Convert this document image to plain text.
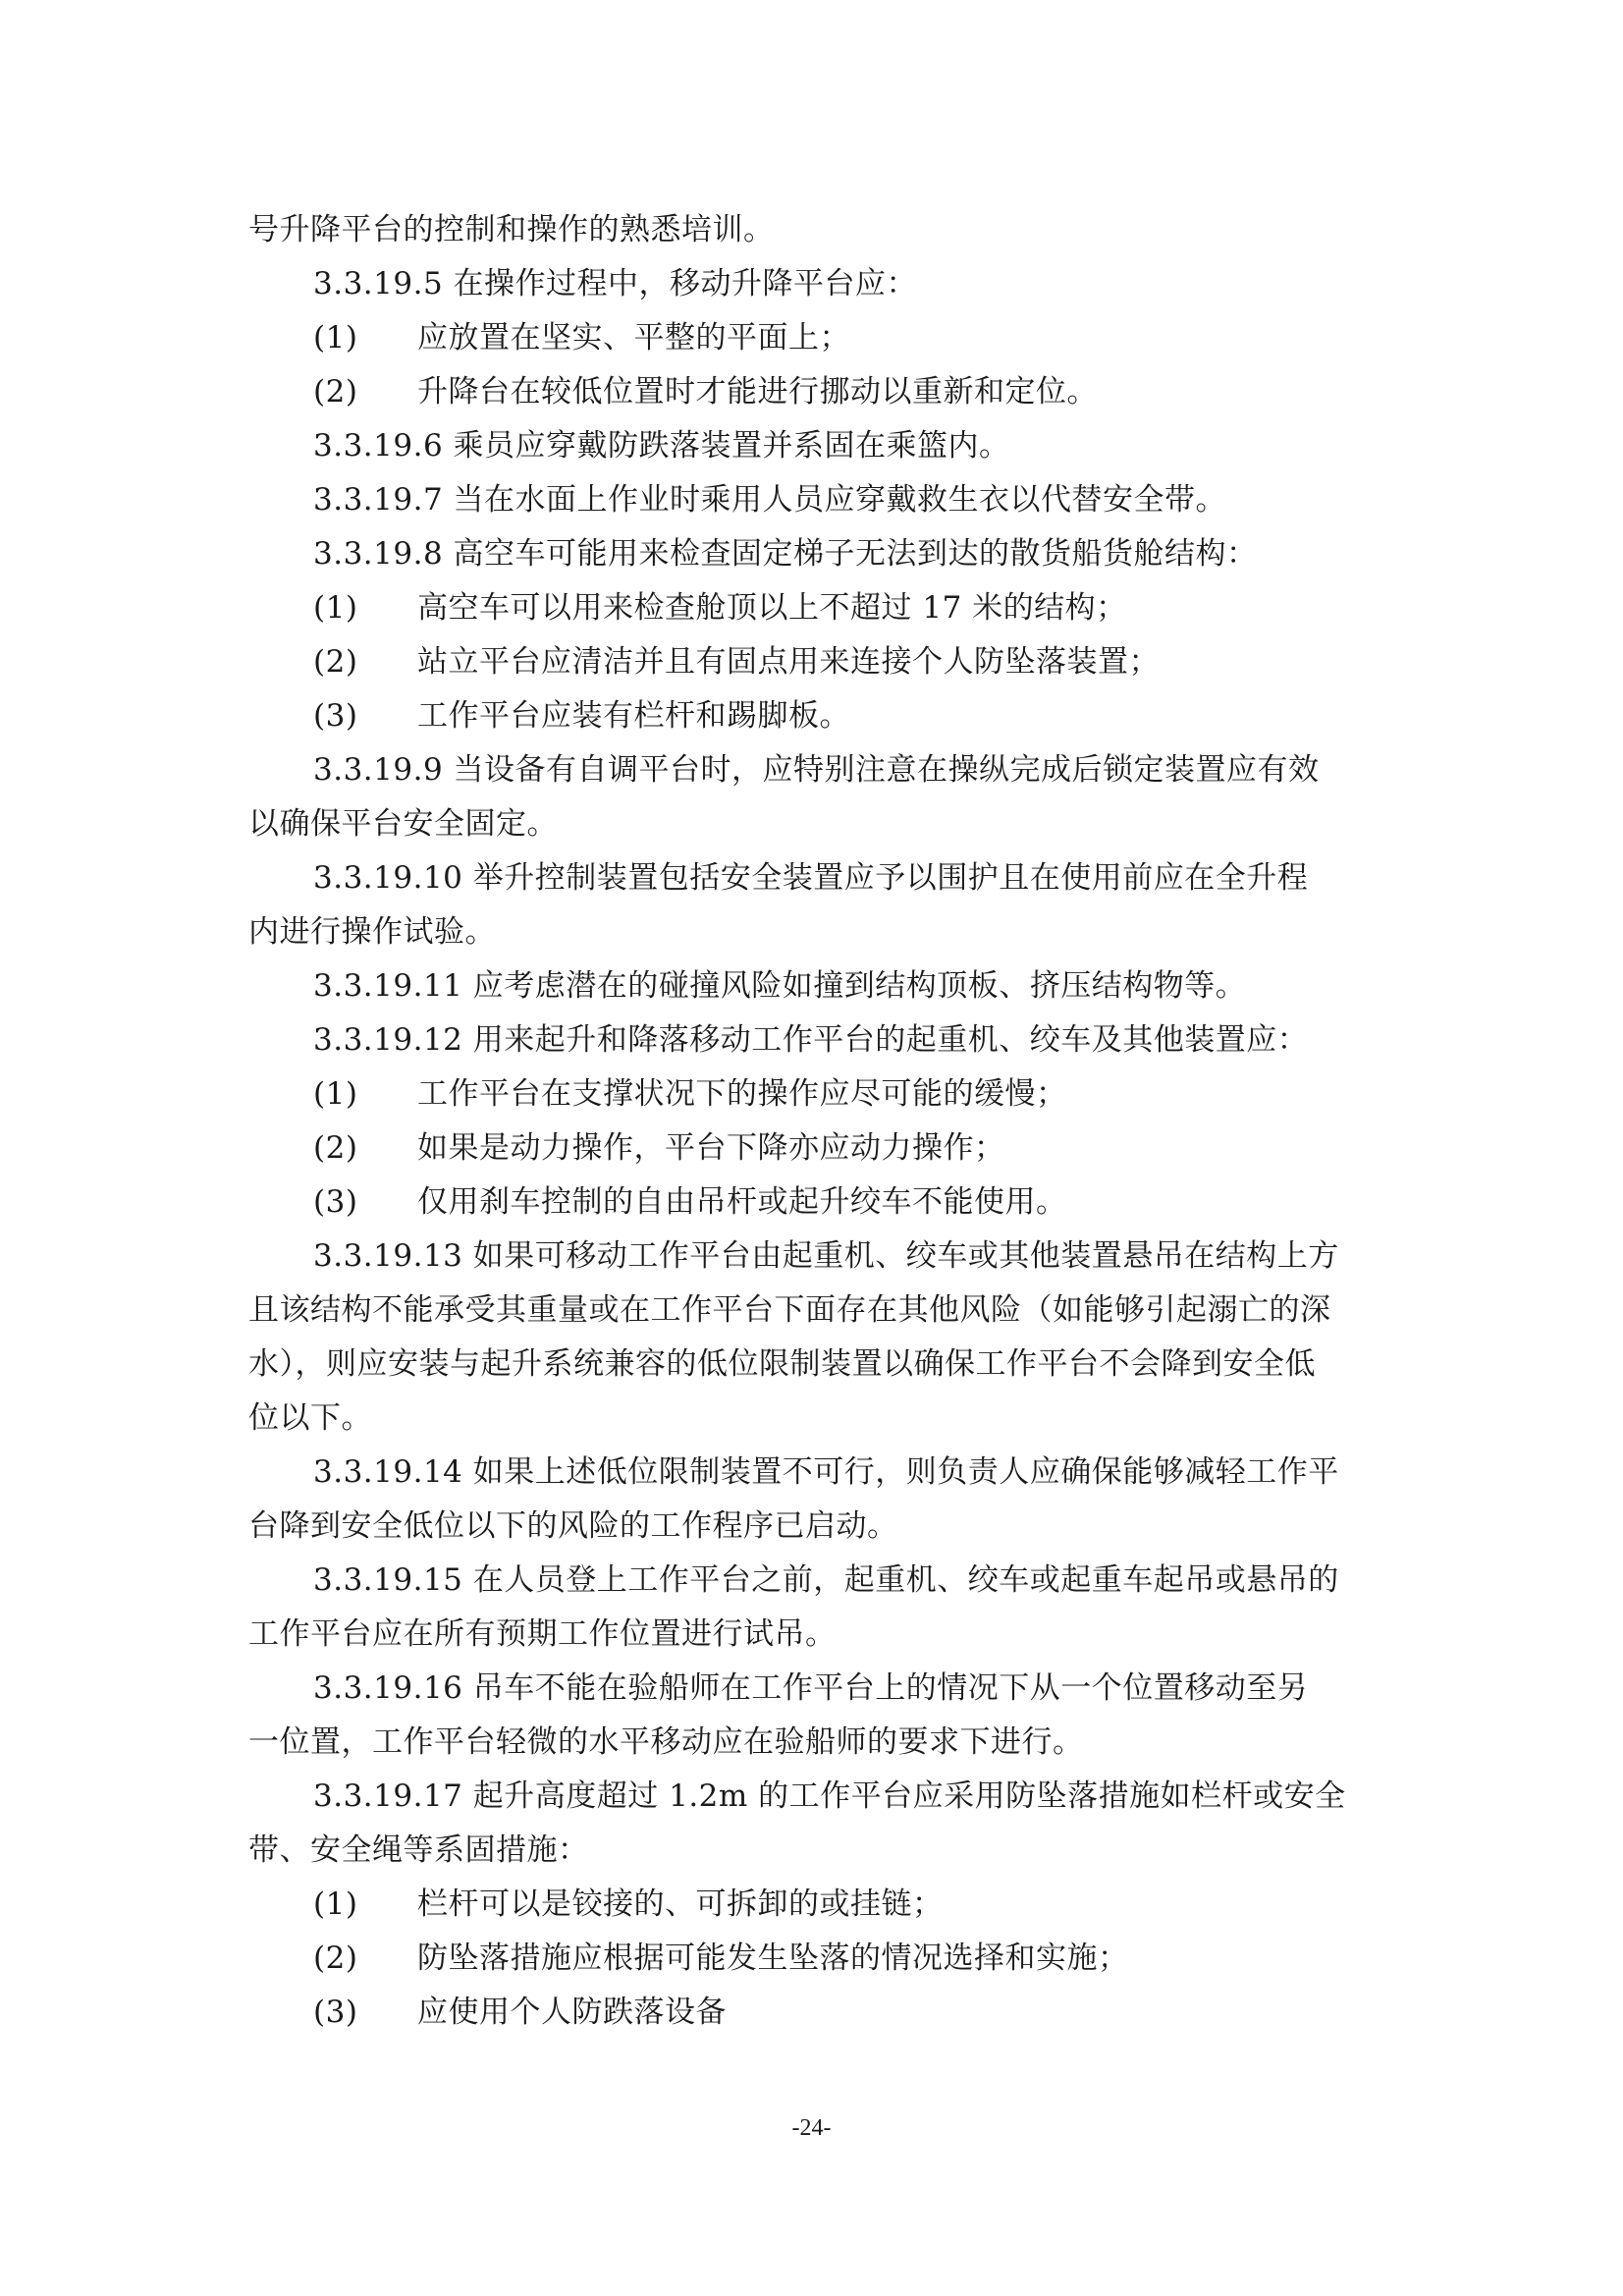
号升降平台的控制和操作的熟悉培训。
3.3.19.5 在操作过程中，移动升降平台应：
(1) 应放置在坚实、平整的平面上；
(2) 升降台在较低位置时才能进行挪动以重新和定位。
3.3.19.6 乘员应穿戴防跌落装置并系固在乘篮内。
3.3.19.7 当在水面上作业时乘用人员应穿戴救生衣以代替安全带。
3.3.19.8 高空车可能用来检查固定梯子无法到达的散货船货舱结构：
(1) 高空车可以用来检查舱顶以上不超过 17 米的结构；
(2) 站立平台应清洁并且有固点用来连接个人防坠落装置；
(3) 工作平台应装有栏杆和踢脚板。
3.3.19.9 当设备有自调平台时，应特别注意在操纵完成后锁定装置应有效
以确保平台安全固定。
3.3.19.10 举升控制装置包括安全装置应予以围护且在使用前应在全升程
内进行操作试验。
3.3.19.11 应考虑潜在的碰撞风险如撞到结构顶板、挤压结构物等。
3.3.19.12 用来起升和降落移动工作平台的起重机、绞车及其他装置应：
(1) 工作平台在支撑状况下的操作应尽可能的缓慢；
(2) 如果是动力操作，平台下降亦应动力操作；
(3) 仅用刹车控制的自由吊杆或起升绞车不能使用。
3.3.19.13 如果可移动工作平台由起重机、绞车或其他装置悬吊在结构上方
且该结构不能承受其重量或在工作平台下面存在其他风险（如能够引起溺亡的深
水），则应安装与起升系统兼容的低位限制装置以确保工作平台不会降到安全低
位以下。
3.3.19.14 如果上述低位限制装置不可行，则负责人应确保能够减轻工作平
台降到安全低位以下的风险的工作程序已启动。
3.3.19.15 在人员登上工作平台之前，起重机、绞车或起重车起吊或悬吊的
工作平台应在所有预期工作位置进行试吊。
3.3.19.16 吊车不能在验船师在工作平台上的情况下从一个位置移动至另
一位置，工作平台轻微的水平移动应在验船师的要求下进行。
3.3.19.17 起升高度超过 1.2m 的工作平台应采用防坠落措施如栏杆或安全
带、安全绳等系固措施：
(1) 栏杆可以是铰接的、可拆卸的或挂链；
(2) 防坠落措施应根据可能发生坠落的情况选择和实施；
(3) 应使用个人防跌落设备
-24-
